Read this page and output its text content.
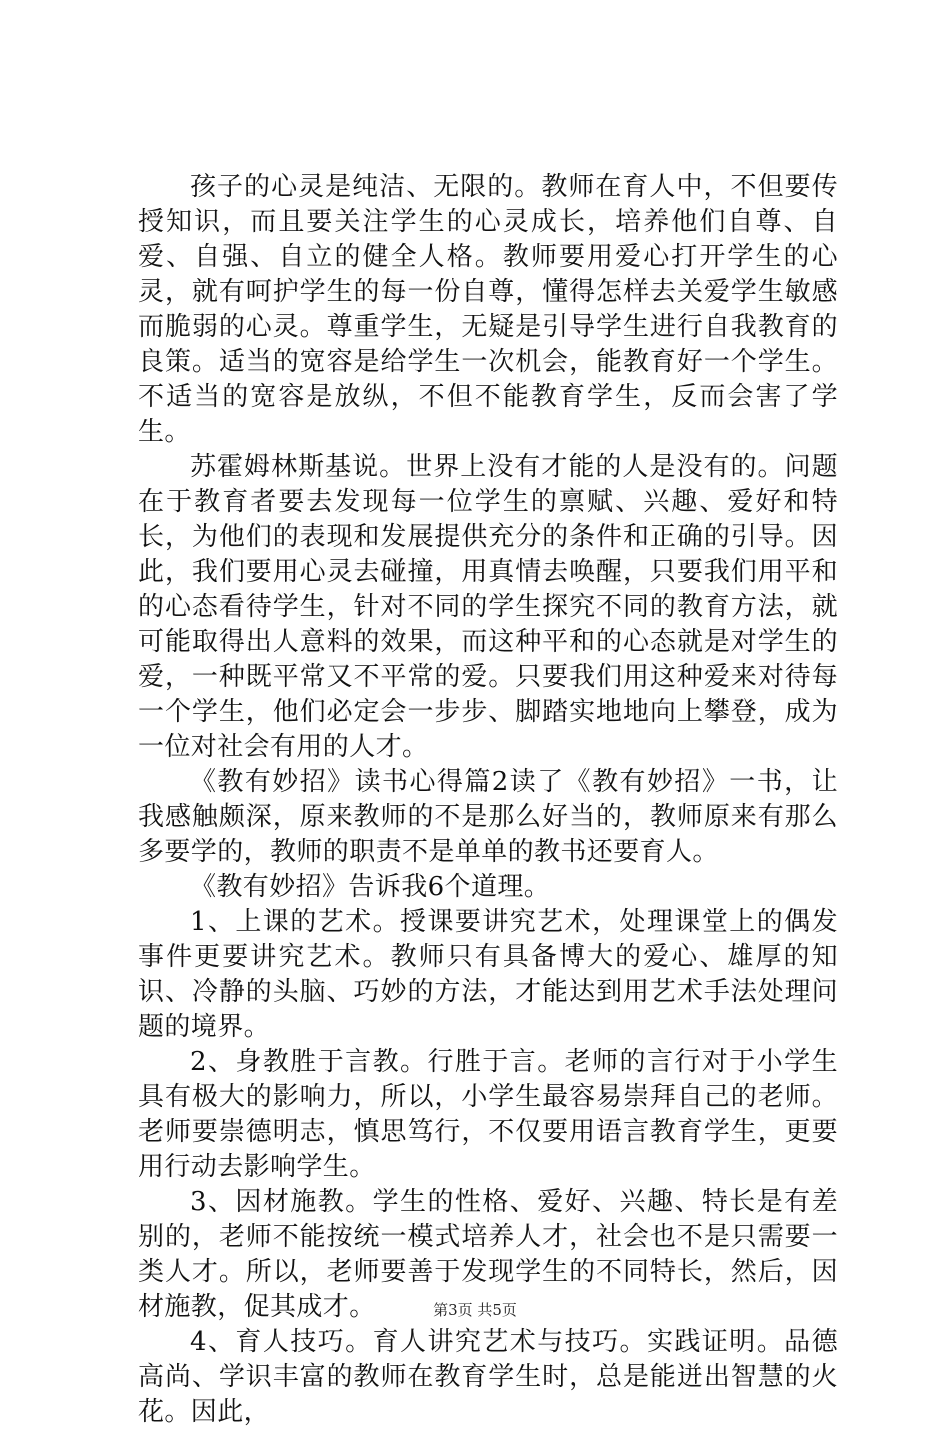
孩子的心灵是纯洁、无限的。教师在育人中，不但要传授知识，而且要关注学生的心灵成长，培养他们自尊、自爱、自强、自立的健全人格。教师要用爱心打开学生的心灵，就有呵护学生的每一份自尊，懂得怎样去关爱学生敏感而脆弱的心灵。尊重学生，无疑是引导学生进行自我教育的良策。适当的宽容是给学生一次机会，能教育好一个学生。不适当的宽容是放纵，不但不能教育学生，反而会害了学生。

苏霍姆林斯基说。世界上没有才能的人是没有的。问题在于教育者要去发现每一位学生的禀赋、兴趣、爱好和特长，为他们的表现和发展提供充分的条件和正确的引导。因此，我们要用心灵去碰撞，用真情去唤醒，只要我们用平和的心态看待学生，针对不同的学生探究不同的教育方法，就可能取得出人意料的效果，而这种平和的心态就是对学生的爱，一种既平常又不平常的爱。只要我们用这种爱来对待每一个学生，他们必定会一步步、脚踏实地地向上攀登，成为一位对社会有用的人才。

《教有妙招》读书心得篇2读了《教有妙招》一书，让我感触颇深，原来教师的不是那么好当的，教师原来有那么多要学的，教师的职责不是单单的教书还要育人。

《教有妙招》告诉我6个道理。

1、上课的艺术。授课要讲究艺术，处理课堂上的偶发事件更要讲究艺术。教师只有具备博大的爱心、雄厚的知识、冷静的头脑、巧妙的方法，才能达到用艺术手法处理问题的境界。

2、身教胜于言教。行胜于言。老师的言行对于小学生具有极大的影响力，所以，小学生最容易崇拜自己的老师。老师要崇德明志，慎思笃行，不仅要用语言教育学生，更要用行动去影响学生。

3、因材施教。学生的性格、爱好、兴趣、特长是有差别的，老师不能按统一模式培养人才，社会也不是只需要一类人才。所以，老师要善于发现学生的不同特长，然后，因材施教，促其成才。

4、育人技巧。育人讲究艺术与技巧。实践证明。品德高尚、学识丰富的教师在教育学生时，总是能迸出智慧的火花。因此，

第3页 共5页
